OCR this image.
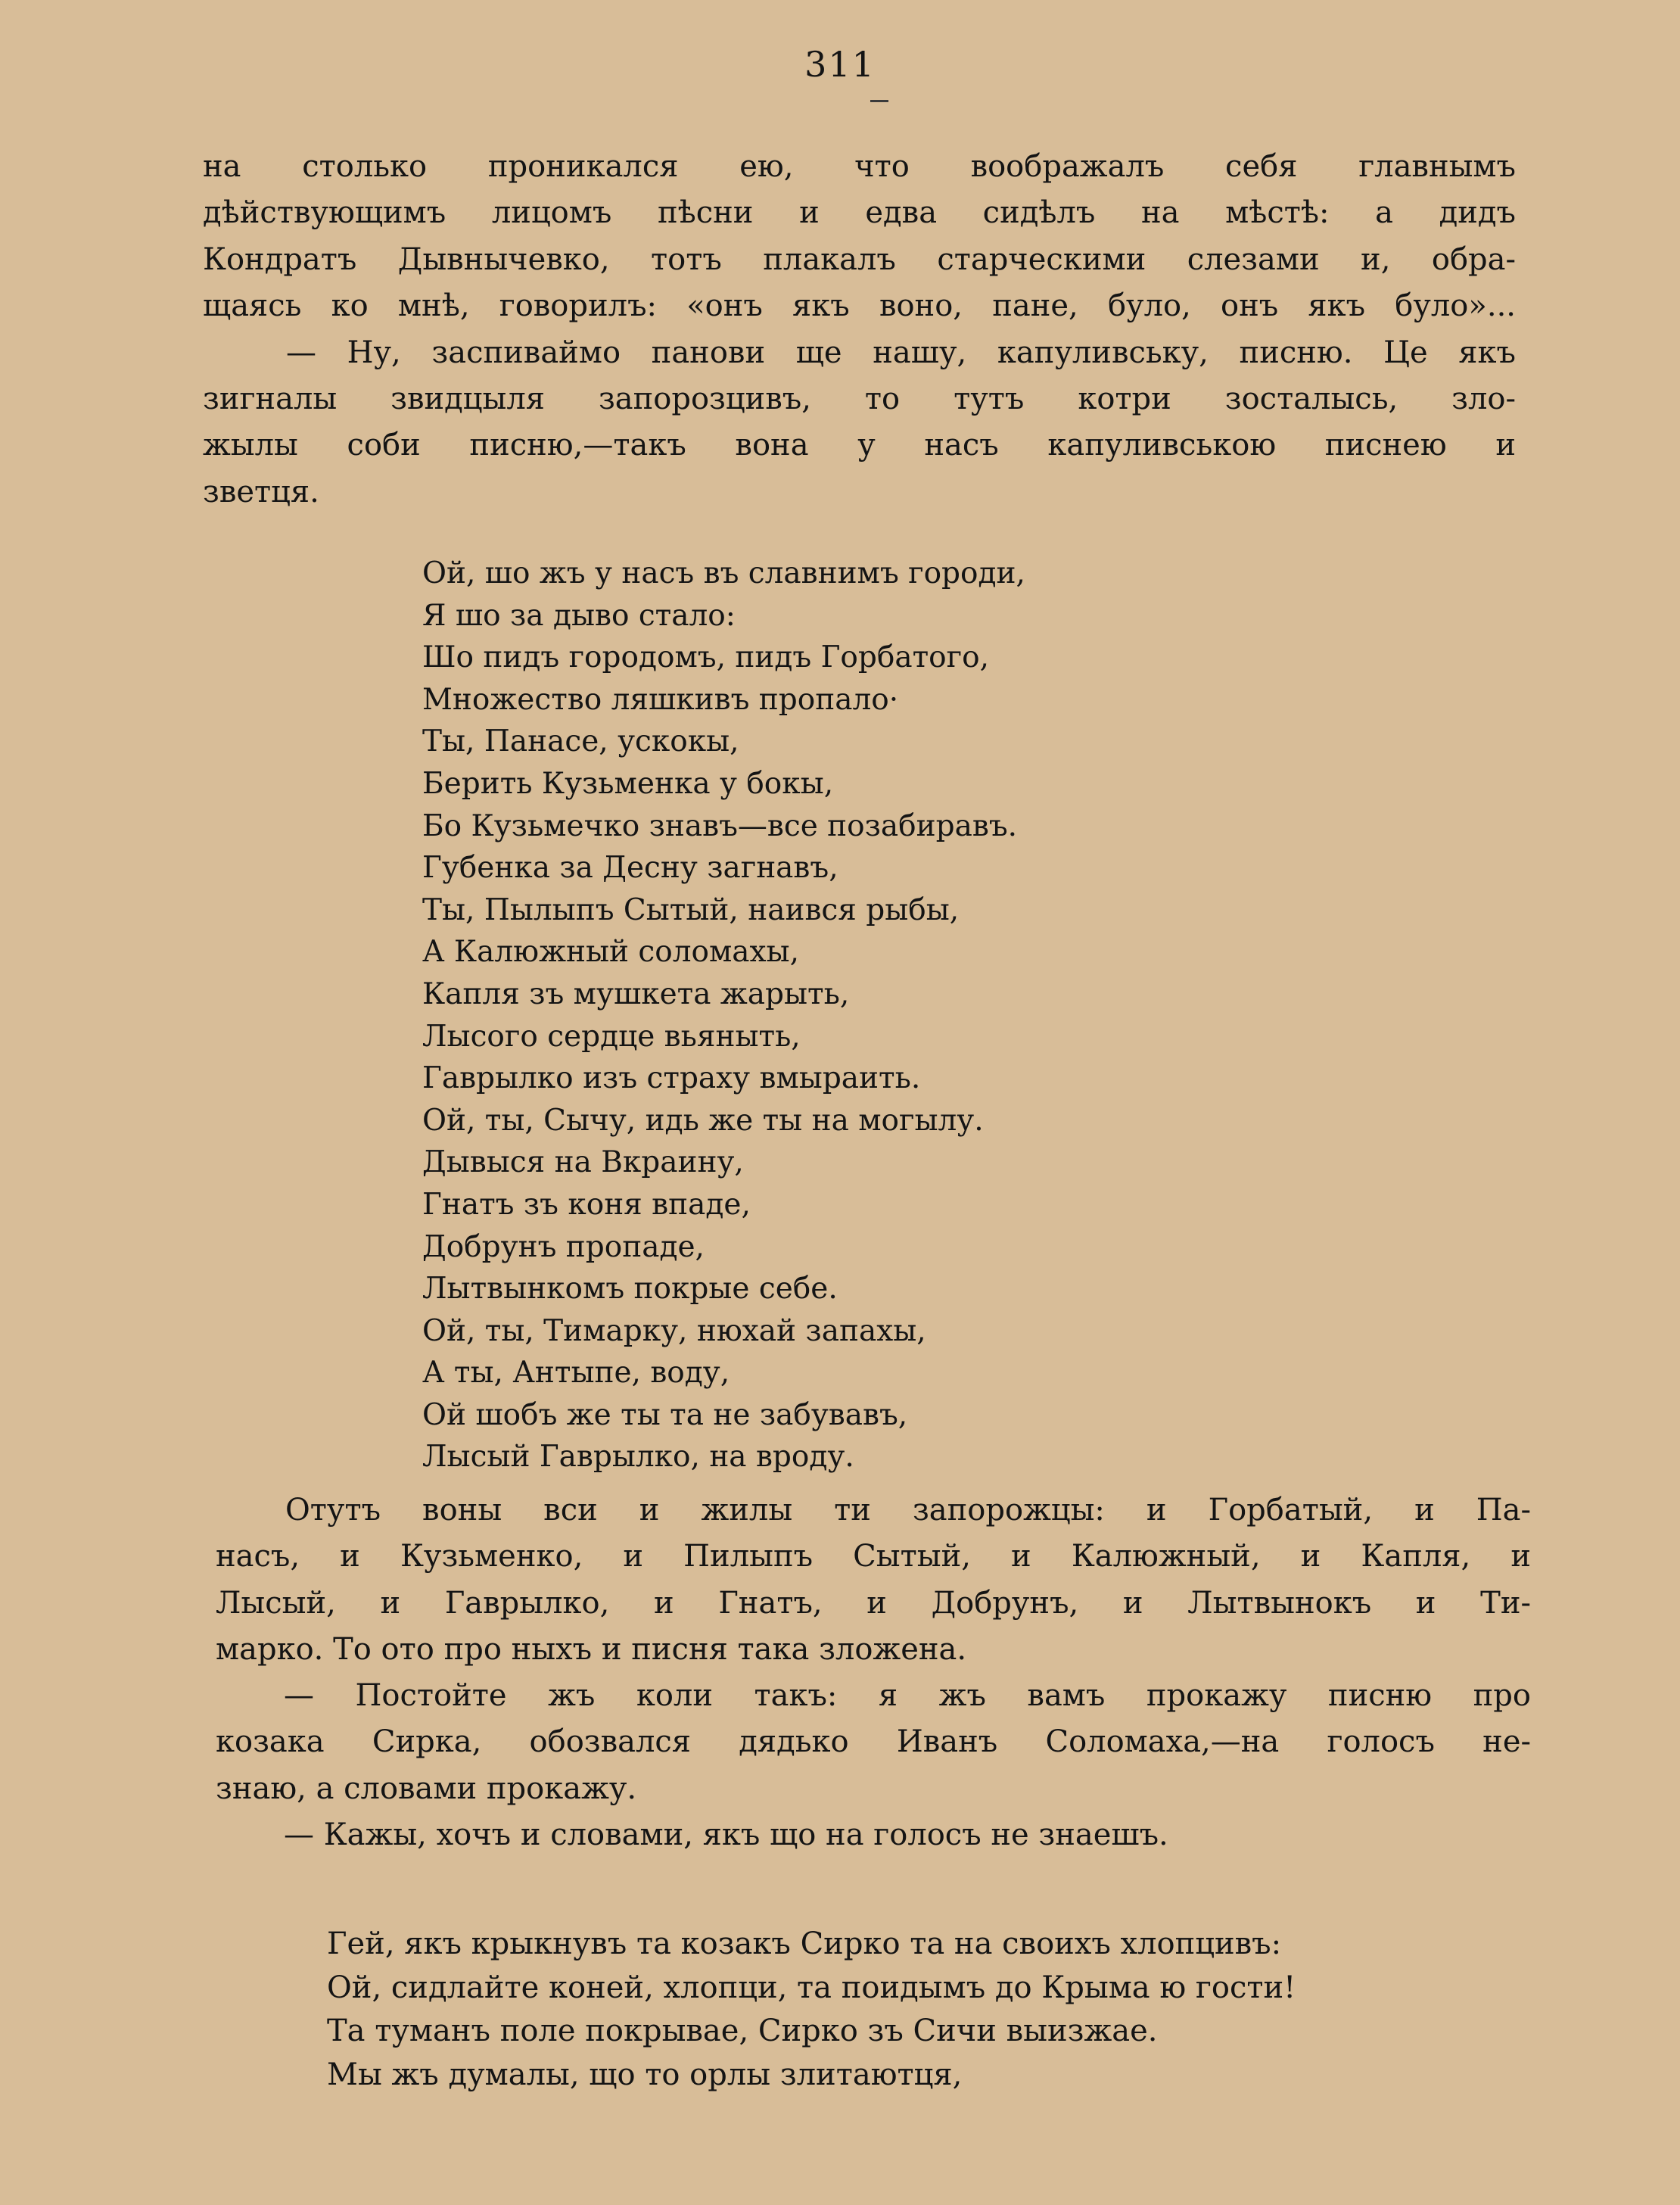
311
на столько проникался ею, что воображалъ себя главнымъ
дѣйствующимъ лицомъ пѣсни и едва сидѣлъ на мѣстѣ: а дидъ
Кондратъ Дывнычевко, тотъ плакалъ старческими слезами и, обра-
щаясь ко мнѣ, говорилъ: «онъ якъ воно, пане, було, онъ якъ було»...
— Ну, заспиваймо панови ще нашу, капуливську, писню. Це якъ
зигналы звидцыля запорозцивъ, то тутъ котри зосталысь, зло-
жылы соби писню,—такъ вона у насъ капуливською писнею и
зветця.
Ой, шо жъ у насъ въ славнимъ городи,
Я шо за дыво стало:
Шо пидъ городомъ, пидъ Горбатого,
Множество ляшкивъ пропало·
Ты, Панасе, ускокы,
Берить Кузьменка у бокы,
Бо Кузьмечко знавъ—все позабиравъ.
Губенка за Десну загнавъ,
Ты, Пылыпъ Сытый, наився рыбы,
А Калюжный соломахы,
Капля зъ мушкета жарыть,
Лысого сердце вьяныть,
Гаврылко изъ страху вмыраить.
Ой, ты, Сычу, идь же ты на могылу.
Дывыся на Вкраину,
Гнатъ зъ коня впаде,
Добрунъ пропаде,
Лытвынкомъ покрые себе.
Ой, ты, Тимарку, нюхай запахы,
А ты, Антыпе, воду,
Ой шобъ же ты та не забувавъ,
Лысый Гаврылко, на вроду.
Отутъ воны вси и жилы ти запорожцы: и Горбатый, и Па-
насъ, и Кузьменко, и Пилыпъ Сытый, и Калюжный, и Капля, и
Лысый, и Гаврылко, и Гнатъ, и Добрунъ, и Лытвынокъ и Ти-
марко. То ото про ныхъ и писня така зложена.
— Постойте жъ коли такъ: я жъ вамъ прокажу писню про
козака Сирка, обозвался дядько Иванъ Соломаха,—на голосъ не-
знаю, а словами прокажу.
— Кажы, хочъ и словами, якъ що на голосъ не знаешъ.
Гей, якъ крыкнувъ та козакъ Сирко та на своихъ хлопцивъ:
Ой, сидлайте коней, хлопци, та поидымъ до Крыма ю гости!
Та туманъ поле покрывае, Сирко зъ Сичи выизжае.
Мы жъ думалы, що то орлы злитаютця,
